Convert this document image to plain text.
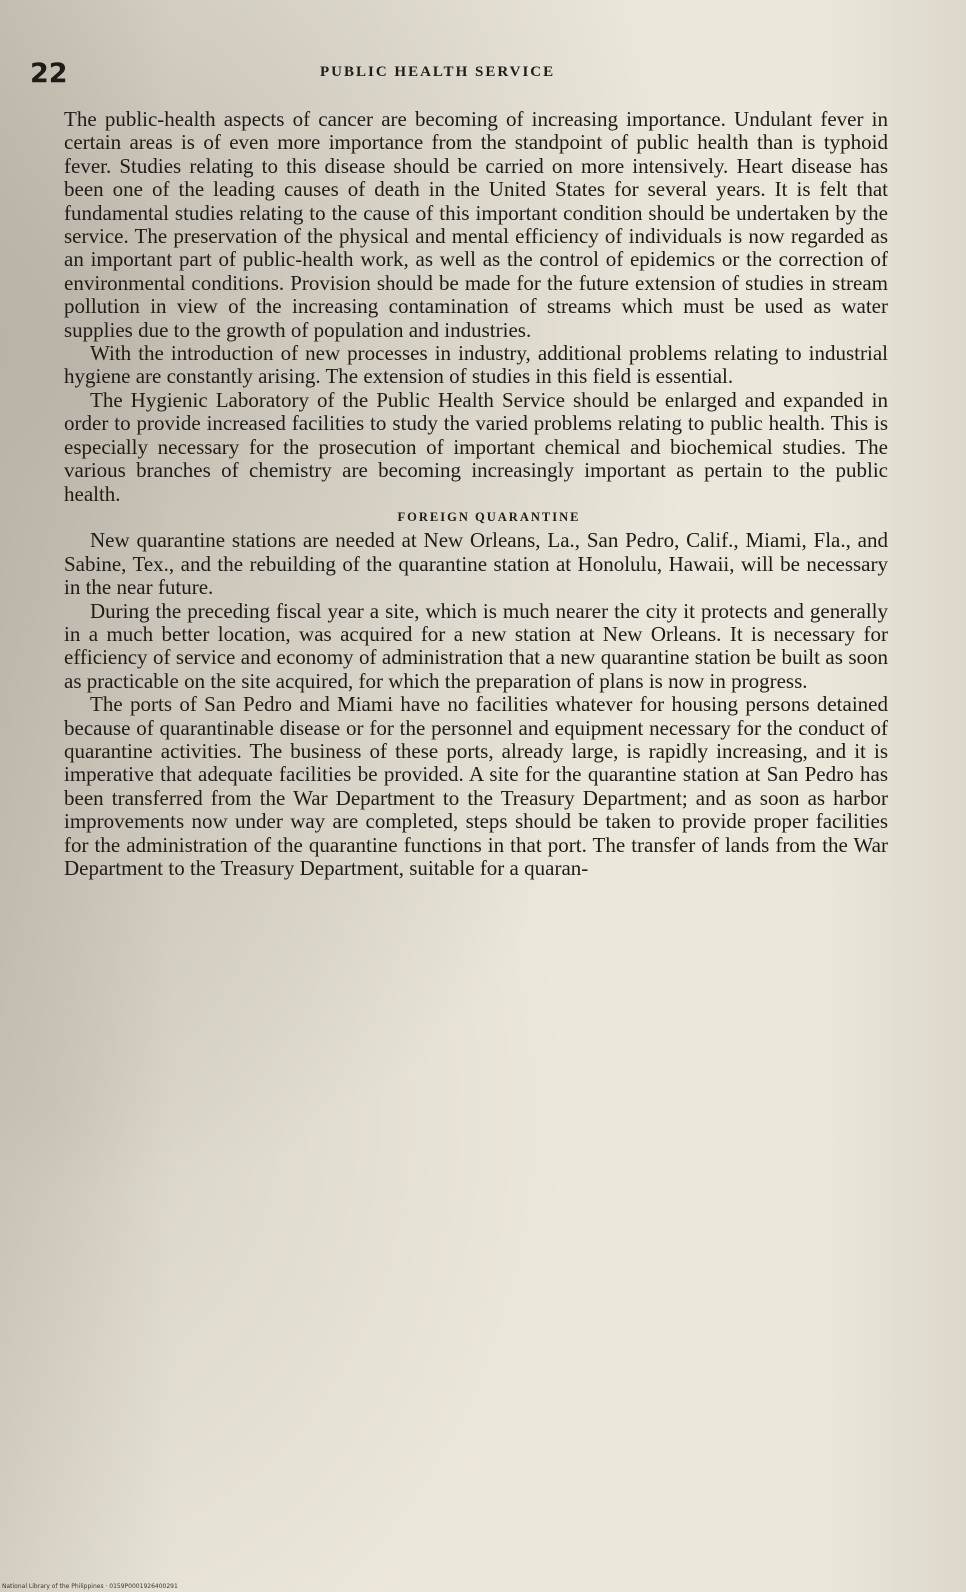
22	PUBLIC HEALTH SERVICE

The public-health aspects of cancer are becoming of increasing importance. Undulant fever in certain areas is of even more importance from the standpoint of public health than is typhoid fever. Studies relating to this disease should be carried on more intensively. Heart disease has been one of the leading causes of death in the United States for several years. It is felt that fundamental studies relating to the cause of this important condition should be undertaken by the service. The preservation of the physical and mental efficiency of individuals is now regarded as an important part of public-health work, as well as the control of epidemics or the correction of environmental conditions. Provision should be made for the future extension of studies in stream pollution in view of the increasing contamination of streams which must be used as water supplies due to the growth of population and industries.

With the introduction of new processes in industry, additional problems relating to industrial hygiene are constantly arising. The extension of studies in this field is essential.

The Hygienic Laboratory of the Public Health Service should be enlarged and expanded in order to provide increased facilities to study the varied problems relating to public health. This is especially necessary for the prosecution of important chemical and biochemical studies. The various branches of chemistry are becoming increasingly important as pertain to the public health.

FOREIGN QUARANTINE

New quarantine stations are needed at New Orleans, La., San Pedro, Calif., Miami, Fla., and Sabine, Tex., and the rebuilding of the quarantine station at Honolulu, Hawaii, will be necessary in the near future.

During the preceding fiscal year a site, which is much nearer the city it protects and generally in a much better location, was acquired for a new station at New Orleans. It is necessary for efficiency of service and economy of administration that a new quarantine station be built as soon as practicable on the site acquired, for which the preparation of plans is now in progress.

The ports of San Pedro and Miami have no facilities whatever for housing persons detained because of quarantinable disease or for the personnel and equipment necessary for the conduct of quarantine activities. The business of these ports, already large, is rapidly increasing, and it is imperative that adequate facilities be provided. A site for the quarantine station at San Pedro has been transferred from the War Department to the Treasury Department; and as soon as harbor improvements now under way are completed, steps should be taken to provide proper facilities for the administration of the quarantine functions in that port. The transfer of lands from the War Department to the Treasury Department, suitable for a quaran-

National Library of the Philippines · 0159P0001926400291
